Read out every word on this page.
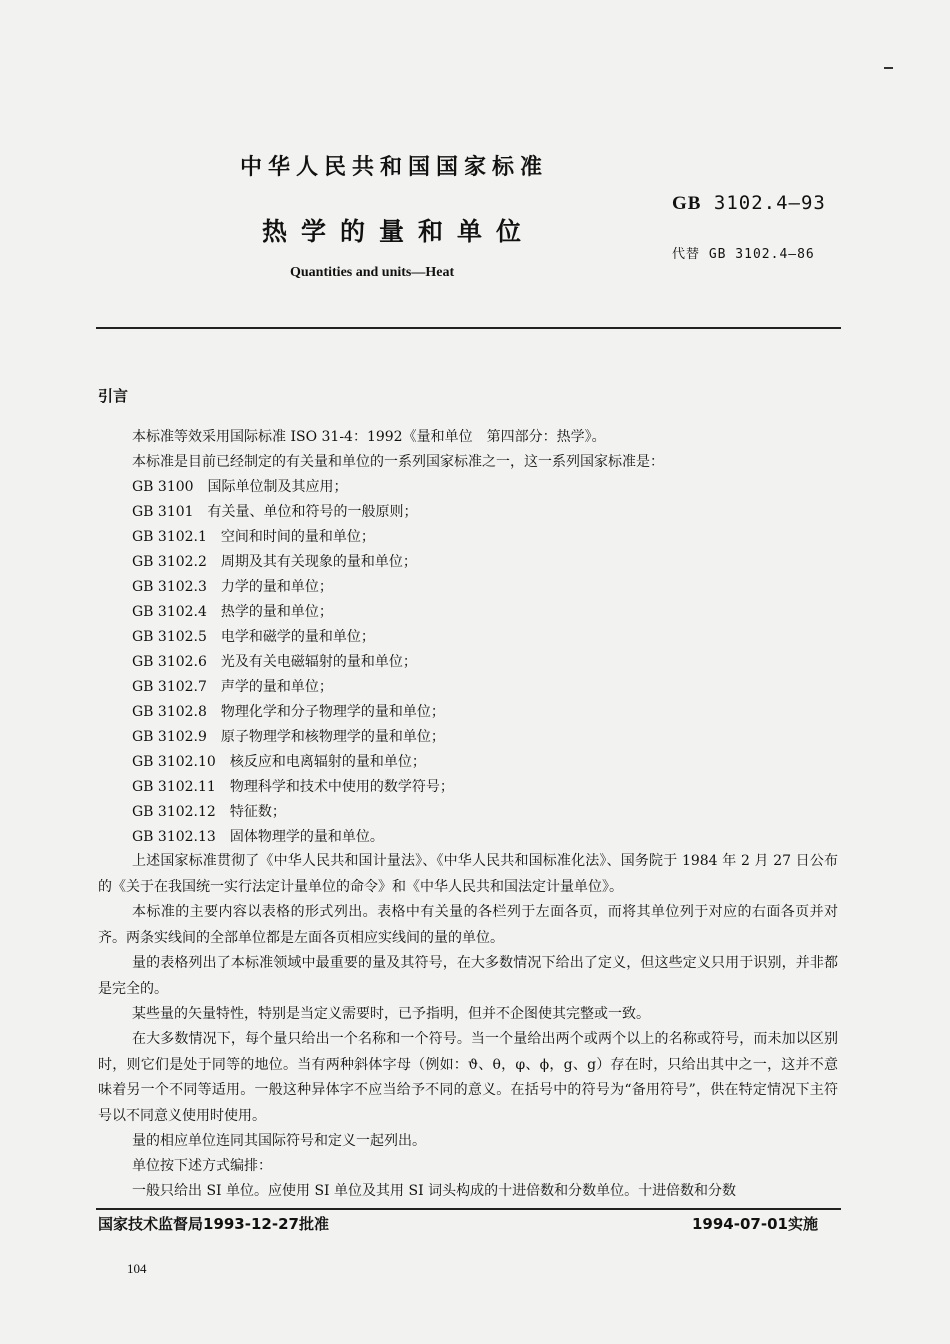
中华人民共和国国家标准
GB 3102.4—93
热学的量和单位
代替 GB 3102.4—86
Quantities and units—Heat
引言
本标准等效采用国际标准 ISO 31-4：1992《量和单位　第四部分：热学》。
本标准是目前已经制定的有关量和单位的一系列国家标准之一，这一系列国家标准是：
GB 3100　国际单位制及其应用；
GB 3101　有关量、单位和符号的一般原则；
GB 3102.1　空间和时间的量和单位；
GB 3102.2　周期及其有关现象的量和单位；
GB 3102.3　力学的量和单位；
GB 3102.4　热学的量和单位；
GB 3102.5　电学和磁学的量和单位；
GB 3102.6　光及有关电磁辐射的量和单位；
GB 3102.7　声学的量和单位；
GB 3102.8　物理化学和分子物理学的量和单位；
GB 3102.9　原子物理学和核物理学的量和单位；
GB 3102.10　核反应和电离辐射的量和单位；
GB 3102.11　物理科学和技术中使用的数学符号；
GB 3102.12　特征数；
GB 3102.13　固体物理学的量和单位。
上述国家标准贯彻了《中华人民共和国计量法》、《中华人民共和国标准化法》、国务院于 1984 年 2 月 27 日公布的《关于在我国统一实行法定计量单位的命令》和《中华人民共和国法定计量单位》。
本标准的主要内容以表格的形式列出。表格中有关量的各栏列于左面各页，而将其单位列于对应的右面各页并对齐。两条实线间的全部单位都是左面各页相应实线间的量的单位。
量的表格列出了本标准领域中最重要的量及其符号，在大多数情况下给出了定义，但这些定义只用于识别，并非都是完全的。
某些量的矢量特性，特别是当定义需要时，已予指明，但并不企图使其完整或一致。
在大多数情况下，每个量只给出一个名称和一个符号。当一个量给出两个或两个以上的名称或符号，而未加以区别时，则它们是处于同等的地位。当有两种斜体字母（例如：ϑ、θ，φ、ϕ，g、g）存在时，只给出其中之一，这并不意味着另一个不同等适用。一般这种异体字不应当给予不同的意义。在括号中的符号为“备用符号”，供在特定情况下主符号以不同意义使用时使用。
量的相应单位连同其国际符号和定义一起列出。
单位按下述方式编排：
一般只给出 SI 单位。应使用 SI 单位及其用 SI 词头构成的十进倍数和分数单位。十进倍数和分数
国家技术监督局1993-12-27批准	1994-07-01实施
104
